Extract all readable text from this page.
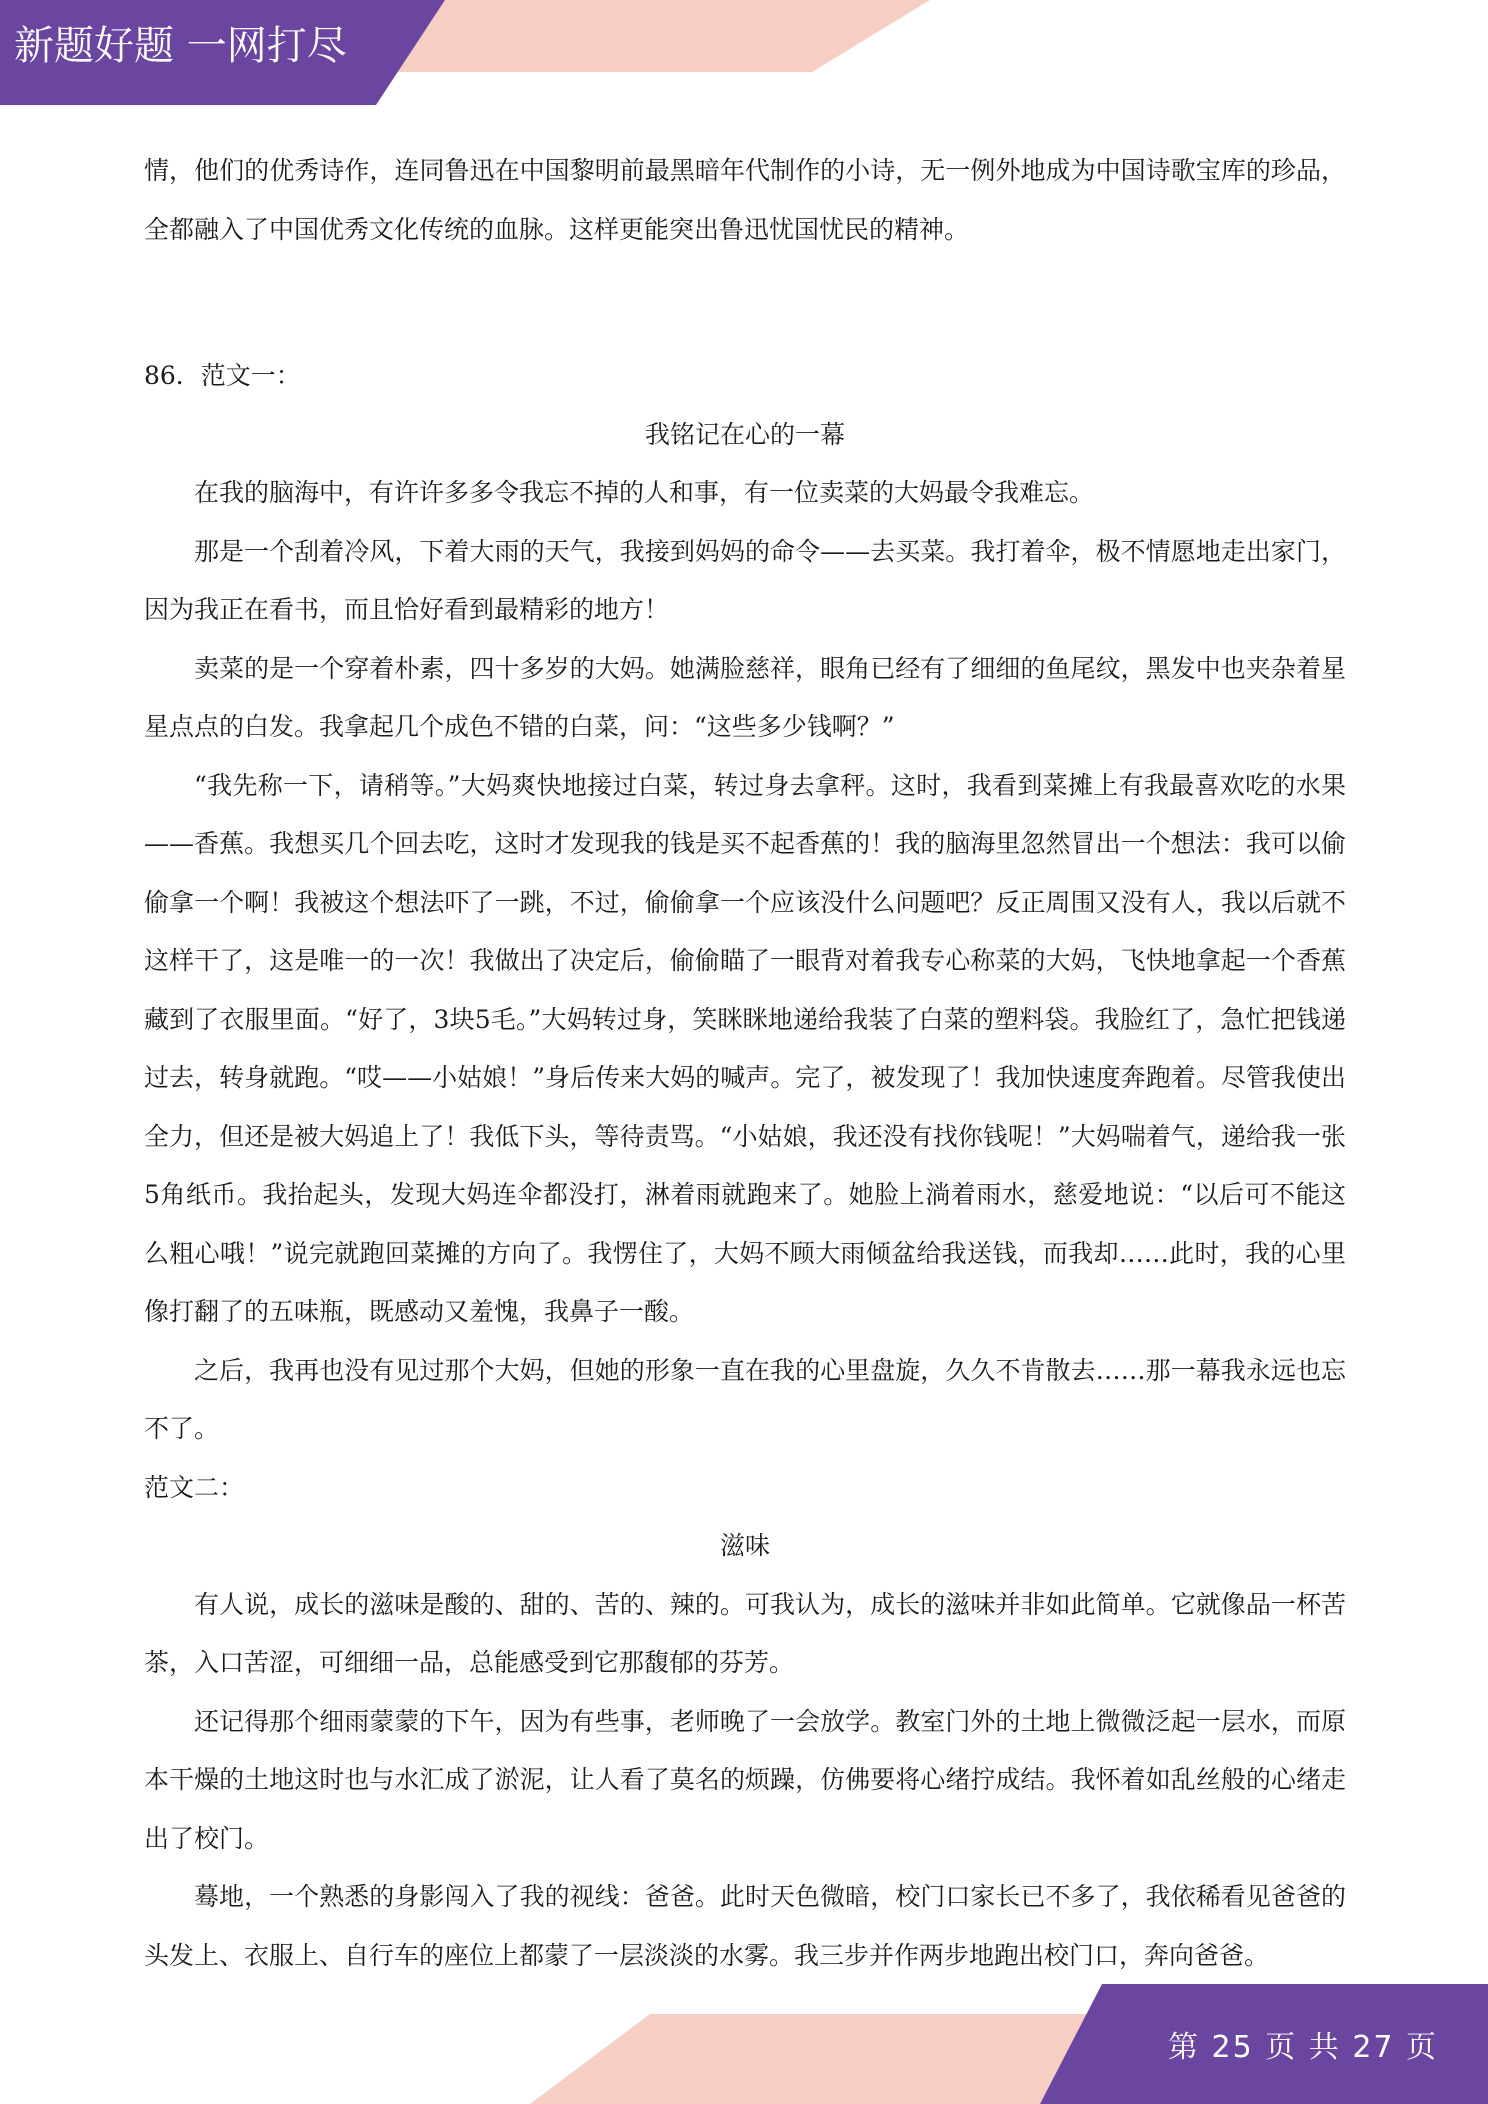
新题好题 一网打尽

情，他们的优秀诗作，连同鲁迅在中国黎明前最黑暗年代制作的小诗，无一例外地成为中国诗歌宝库的珍品，全都融入了中国优秀文化传统的血脉。这样更能突出鲁迅忧国忧民的精神。

86．范文一：

我铭记在心的一幕

在我的脑海中，有许许多多令我忘不掉的人和事，有一位卖菜的大妈最令我难忘。

那是一个刮着冷风，下着大雨的天气，我接到妈妈的命令——去买菜。我打着伞，极不情愿地走出家门，因为我正在看书，而且恰好看到最精彩的地方！

卖菜的是一个穿着朴素，四十多岁的大妈。她满脸慈祥，眼角已经有了细细的鱼尾纹，黑发中也夹杂着星星点点的白发。我拿起几个成色不错的白菜，问：“这些多少钱啊？”

“我先称一下，请稍等。”大妈爽快地接过白菜，转过身去拿秤。这时，我看到菜摊上有我最喜欢吃的水果——香蕉。我想买几个回去吃，这时才发现我的钱是买不起香蕉的！我的脑海里忽然冒出一个想法：我可以偷偷拿一个啊！我被这个想法吓了一跳，不过，偷偷拿一个应该没什么问题吧？反正周围又没有人，我以后就不这样干了，这是唯一的一次！我做出了决定后，偷偷瞄了一眼背对着我专心称菜的大妈，飞快地拿起一个香蕉藏到了衣服里面。“好了，3块5毛。”大妈转过身，笑眯眯地递给我装了白菜的塑料袋。我脸红了，急忙把钱递过去，转身就跑。“哎——小姑娘！”身后传来大妈的喊声。完了，被发现了！我加快速度奔跑着。尽管我使出全力，但还是被大妈追上了！我低下头，等待责骂。“小姑娘，我还没有找你钱呢！”大妈喘着气，递给我一张5角纸币。我抬起头，发现大妈连伞都没打，淋着雨就跑来了。她脸上淌着雨水，慈爱地说：“以后可不能这么粗心哦！”说完就跑回菜摊的方向了。我愣住了，大妈不顾大雨倾盆给我送钱，而我却……此时，我的心里像打翻了的五味瓶，既感动又羞愧，我鼻子一酸。

之后，我再也没有见过那个大妈，但她的形象一直在我的心里盘旋，久久不肯散去……那一幕我永远也忘不了。

范文二：

滋味

有人说，成长的滋味是酸的、甜的、苦的、辣的。可我认为，成长的滋味并非如此简单。它就像品一杯苦茶，入口苦涩，可细细一品，总能感受到它那馥郁的芬芳。

还记得那个细雨蒙蒙的下午，因为有些事，老师晚了一会放学。教室门外的土地上微微泛起一层水，而原本干燥的土地这时也与水汇成了淤泥，让人看了莫名的烦躁，仿佛要将心绪拧成结。我怀着如乱丝般的心绪走出了校门。

蓦地，一个熟悉的身影闯入了我的视线：爸爸。此时天色微暗，校门口家长已不多了，我依稀看见爸爸的头发上、衣服上、自行车的座位上都蒙了一层淡淡的水雾。我三步并作两步地跑出校门口，奔向爸爸。

第 25 页 共 27 页
